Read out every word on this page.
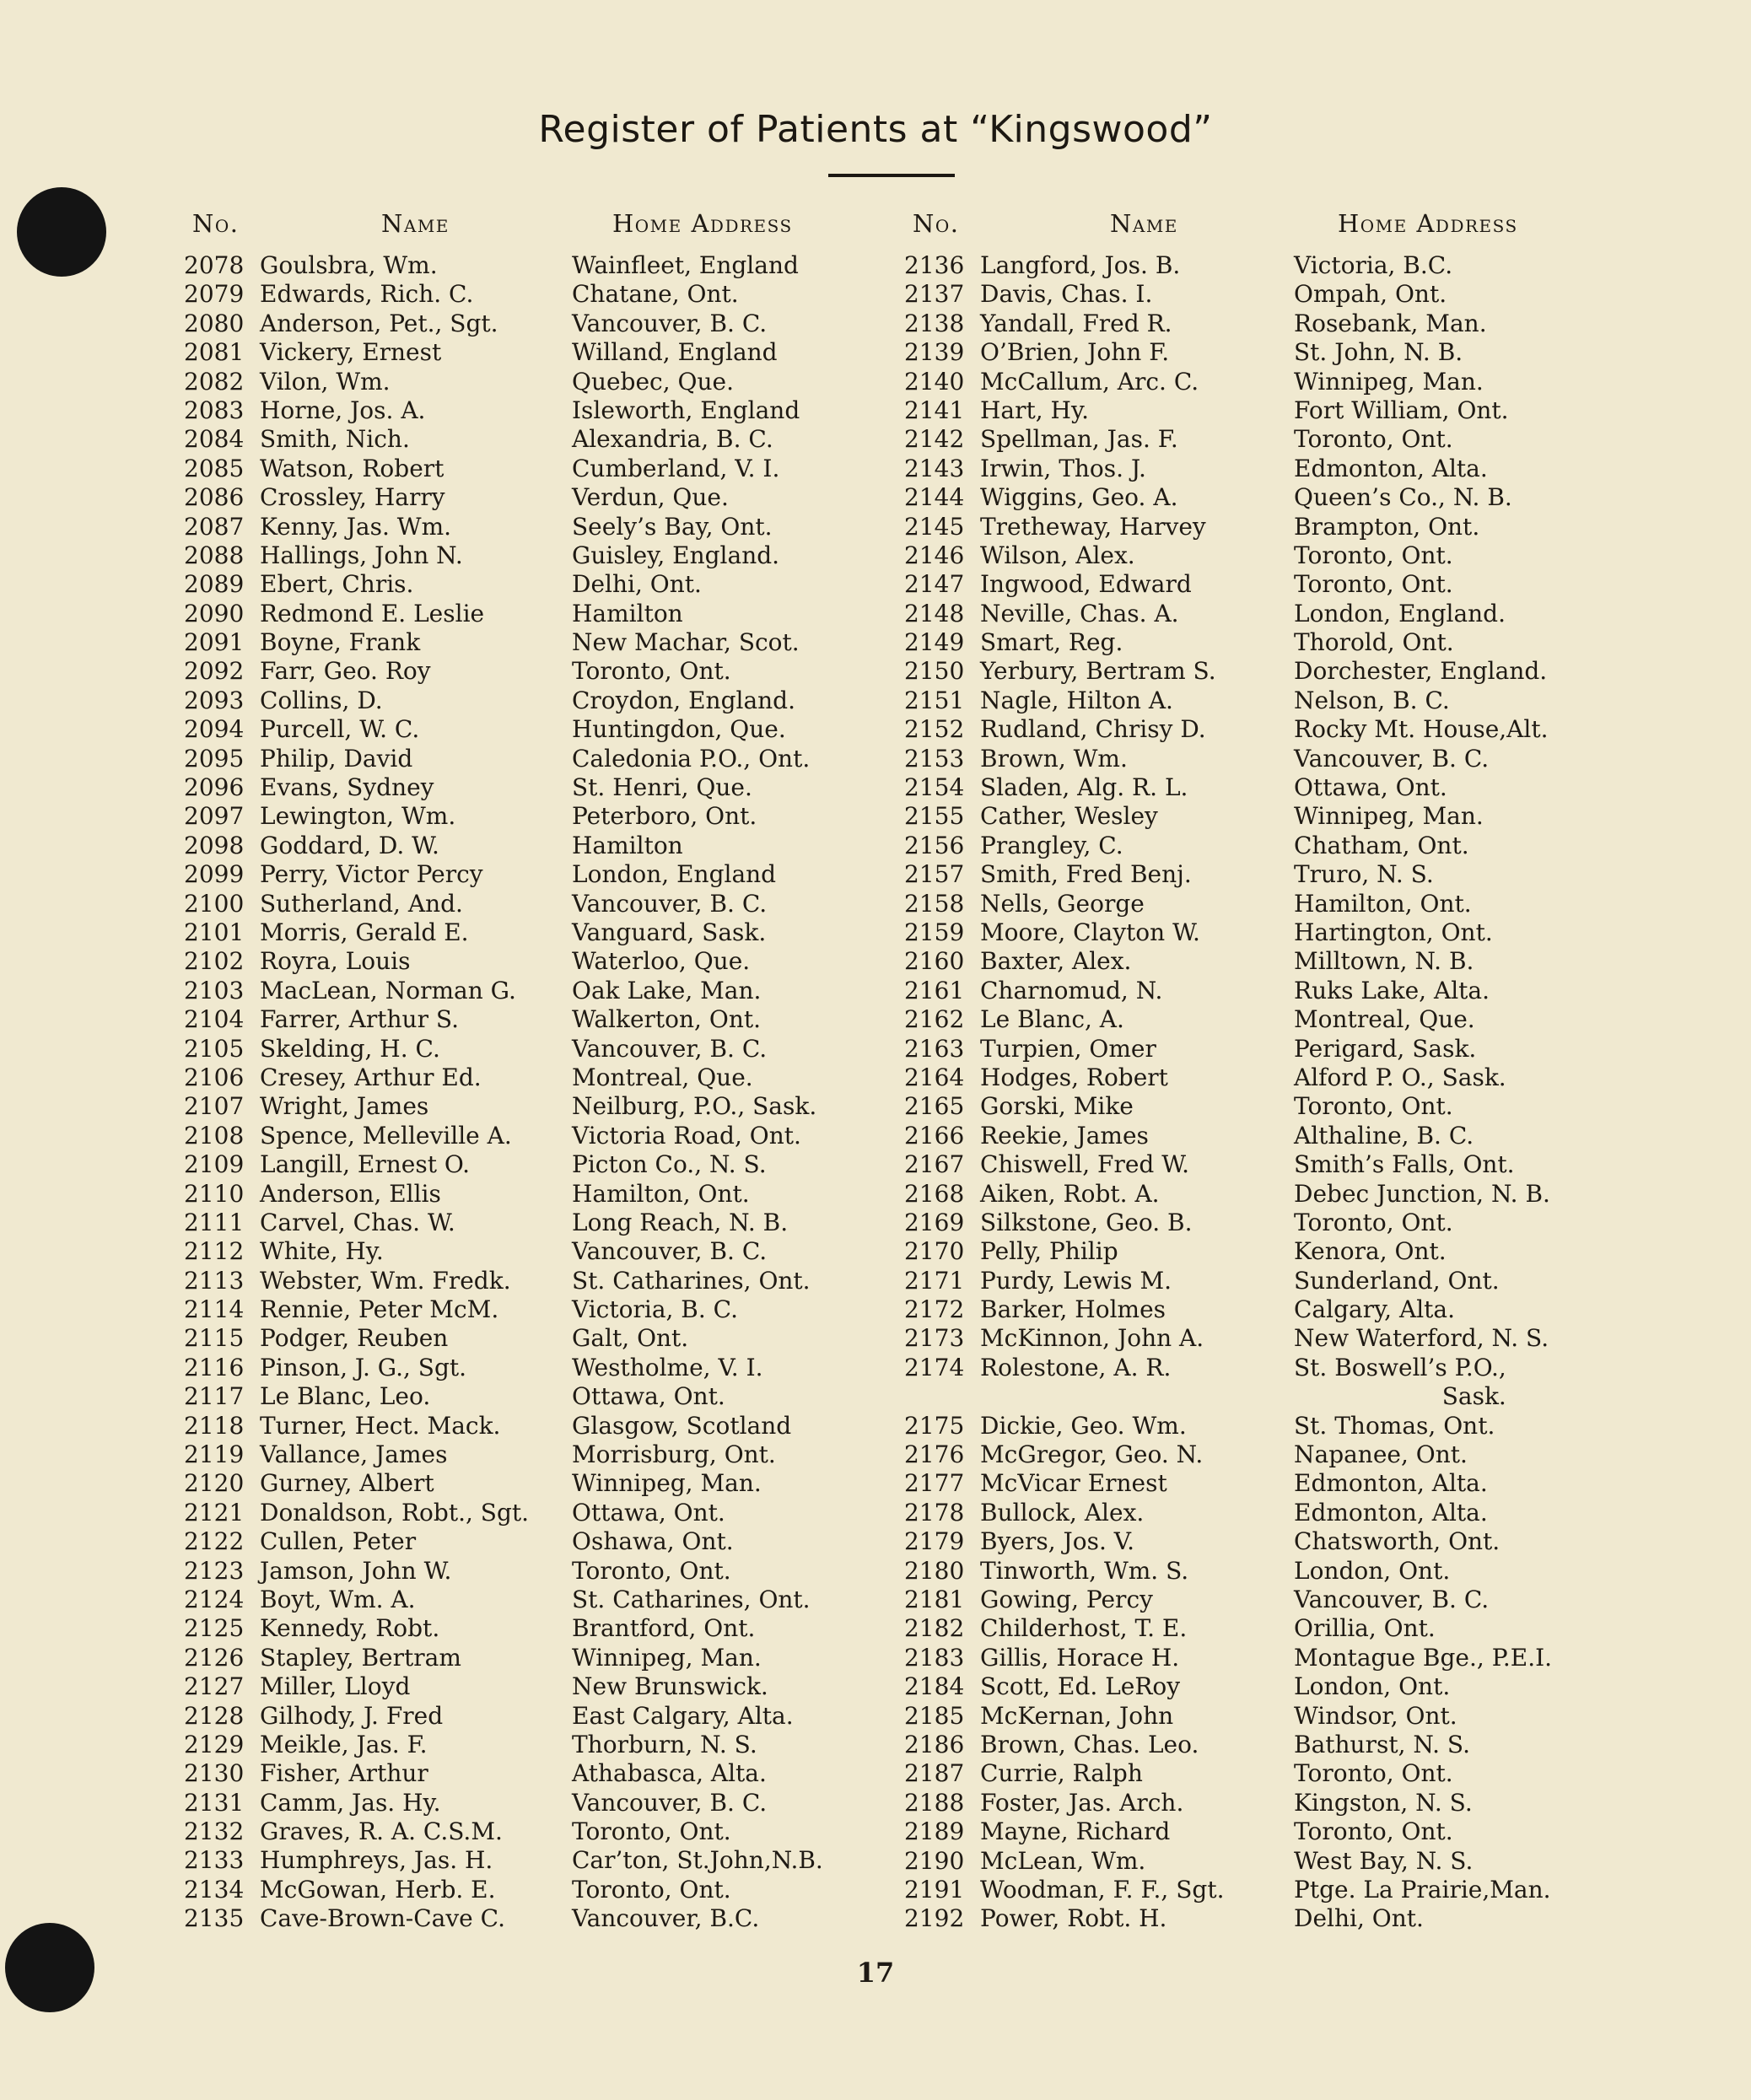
Register of Patients at “Kingswood”
No.	Name	Home Address	No.	Name	Home Address
2078 Goulsbra, Wm.	Wainfleet, England
2079 Edwards, Rich. C.	Chatane, Ont.
2080 Anderson, Pet., Sgt.	Vancouver, B. C.
2081 Vickery, Ernest	Willand, England
2082 Vilon, Wm.	Quebec, Que.
2083 Horne, Jos. A.	Isleworth, England
2084 Smith, Nich.	Alexandria, B. C.
2085 Watson, Robert	Cumberland, V. I.
2086 Crossley, Harry	Verdun, Que.
2087 Kenny, Jas. Wm.	Seely’s Bay, Ont.
2088 Hallings, John N.	Guisley, England.
2089 Ebert, Chris.	Delhi, Ont.
2090 Redmond E. Leslie	Hamilton
2091 Boyne, Frank	New Machar, Scot.
2092 Farr, Geo. Roy	Toronto, Ont.
2093 Collins, D.	Croydon, England.
2094 Purcell, W. C.	Huntingdon, Que.
2095 Philip, David	Caledonia P.O., Ont.
2096 Evans, Sydney	St. Henri, Que.
2097 Lewington, Wm.	Peterboro, Ont.
2098 Goddard, D. W.	Hamilton
2099 Perry, Victor Percy	London, England
2100 Sutherland, And.	Vancouver, B. C.
2101 Morris, Gerald E.	Vanguard, Sask.
2102 Royra, Louis	Waterloo, Que.
2103 MacLean, Norman G.	Oak Lake, Man.
2104 Farrer, Arthur S.	Walkerton, Ont.
2105 Skelding, H. C.	Vancouver, B. C.
2106 Cresey, Arthur Ed.	Montreal, Que.
2107 Wright, James	Neilburg, P.O., Sask.
2108 Spence, Melleville A.	Victoria Road, Ont.
2109 Langill, Ernest O.	Picton Co., N. S.
2110 Anderson, Ellis	Hamilton, Ont.
2111 Carvel, Chas. W.	Long Reach, N. B.
2112 White, Hy.	Vancouver, B. C.
2113 Webster, Wm. Fredk.	St. Catharines, Ont.
2114 Rennie, Peter McM.	Victoria, B. C.
2115 Podger, Reuben	Galt, Ont.
2116 Pinson, J. G., Sgt.	Westholme, V. I.
2117 Le Blanc, Leo.	Ottawa, Ont.
2118 Turner, Hect. Mack.	Glasgow, Scotland
2119 Vallance, James	Morrisburg, Ont.
2120 Gurney, Albert	Winnipeg, Man.
2121 Donaldson, Robt., Sgt.	Ottawa, Ont.
2122 Cullen, Peter	Oshawa, Ont.
2123 Jamson, John W.	Toronto, Ont.
2124 Boyt, Wm. A.	St. Catharines, Ont.
2125 Kennedy, Robt.	Brantford, Ont.
2126 Stapley, Bertram	Winnipeg, Man.
2127 Miller, Lloyd	New Brunswick.
2128 Gilhody, J. Fred	East Calgary, Alta.
2129 Meikle, Jas. F.	Thorburn, N. S.
2130 Fisher, Arthur	Athabasca, Alta.
2131 Camm, Jas. Hy.	Vancouver, B. C.
2132 Graves, R. A. C.S.M.	Toronto, Ont.
2133 Humphreys, Jas. H.	Car’ton, St.John,N.B.
2134 McGowan, Herb. E.	Toronto, Ont.
2135 Cave-Brown-Cave C.	Vancouver, B.C.
2136 Langford, Jos. B.	Victoria, B.C.
2137 Davis, Chas. I.	Ompah, Ont.
2138 Yandall, Fred R.	Rosebank, Man.
2139 O’Brien, John F.	St. John, N. B.
2140 McCallum, Arc. C.	Winnipeg, Man.
2141 Hart, Hy.	Fort William, Ont.
2142 Spellman, Jas. F.	Toronto, Ont.
2143 Irwin, Thos. J.	Edmonton, Alta.
2144 Wiggins, Geo. A.	Queen’s Co., N. B.
2145 Tretheway, Harvey	Brampton, Ont.
2146 Wilson, Alex.	Toronto, Ont.
2147 Ingwood, Edward	Toronto, Ont.
2148 Neville, Chas. A.	London, England.
2149 Smart, Reg.	Thorold, Ont.
2150 Yerbury, Bertram S.	Dorchester, England.
2151 Nagle, Hilton A.	Nelson, B. C.
2152 Rudland, Chrisy D.	Rocky Mt. House,Alt.
2153 Brown, Wm.	Vancouver, B. C.
2154 Sladen, Alg. R. L.	Ottawa, Ont.
2155 Cather, Wesley	Winnipeg, Man.
2156 Prangley, C.	Chatham, Ont.
2157 Smith, Fred Benj.	Truro, N. S.
2158 Nells, George	Hamilton, Ont.
2159 Moore, Clayton W.	Hartington, Ont.
2160 Baxter, Alex.	Milltown, N. B.
2161 Charnomud, N.	Ruks Lake, Alta.
2162 Le Blanc, A.	Montreal, Que.
2163 Turpien, Omer	Perigard, Sask.
2164 Hodges, Robert	Alford P. O., Sask.
2165 Gorski, Mike	Toronto, Ont.
2166 Reekie, James	Althaline, B. C.
2167 Chiswell, Fred W.	Smith’s Falls, Ont.
2168 Aiken, Robt. A.	Debec Junction, N. B.
2169 Silkstone, Geo. B.	Toronto, Ont.
2170 Pelly, Philip	Kenora, Ont.
2171 Purdy, Lewis M.	Sunderland, Ont.
2172 Barker, Holmes	Calgary, Alta.
2173 McKinnon, John A.	New Waterford, N. S.
2174 Rolestone, A. R.	St. Boswell’s P.O.,
Sask.
2175 Dickie, Geo. Wm.	St. Thomas, Ont.
2176 McGregor, Geo. N.	Napanee, Ont.
2177 McVicar Ernest	Edmonton, Alta.
2178 Bullock, Alex.	Edmonton, Alta.
2179 Byers, Jos. V.	Chatsworth, Ont.
2180 Tinworth, Wm. S.	London, Ont.
2181 Gowing, Percy	Vancouver, B. C.
2182 Childerhost, T. E.	Orillia, Ont.
2183 Gillis, Horace H.	Montague Bge., P.E.I.
2184 Scott, Ed. LeRoy	London, Ont.
2185 McKernan, John	Windsor, Ont.
2186 Brown, Chas. Leo.	Bathurst, N. S.
2187 Currie, Ralph	Toronto, Ont.
2188 Foster, Jas. Arch.	Kingston, N. S.
2189 Mayne, Richard	Toronto, Ont.
2190 McLean, Wm.	West Bay, N. S.
2191 Woodman, F. F., Sgt.	Ptge. La Prairie,Man.
2192 Power, Robt. H.	Delhi, Ont.
17
